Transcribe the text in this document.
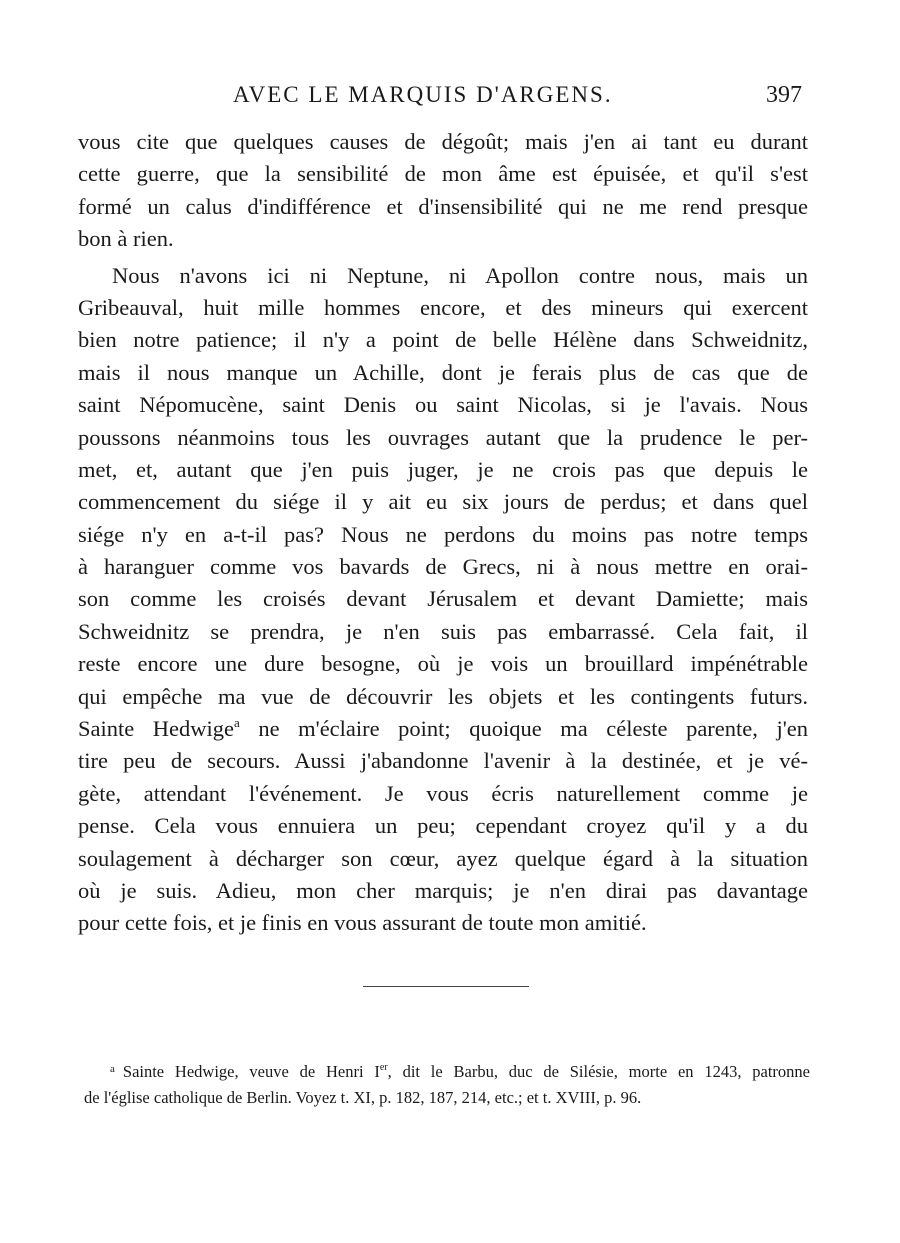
AVEC LE MARQUIS D'ARGENS.	397
vous cite que quelques causes de dégoût; mais j'en ai tant eu durant
cette guerre, que la sensibilité de mon âme est épuisée, et qu'il s'est
formé un calus d'indifférence et d'insensibilité qui ne me rend presque
bon à rien.
Nous n'avons ici ni Neptune, ni Apollon contre nous, mais un
Gribeauval, huit mille hommes encore, et des mineurs qui exercent
bien notre patience; il n'y a point de belle Hélène dans Schweidnitz,
mais il nous manque un Achille, dont je ferais plus de cas que de
saint Népomucène, saint Denis ou saint Nicolas, si je l'avais. Nous
poussons néanmoins tous les ouvrages autant que la prudence le per-
met, et, autant que j'en puis juger, je ne crois pas que depuis le
commencement du siége il y ait eu six jours de perdus; et dans quel
siége n'y en a-t-il pas? Nous ne perdons du moins pas notre temps
à haranguer comme vos bavards de Grecs, ni à nous mettre en orai-
son comme les croisés devant Jérusalem et devant Damiette; mais
Schweidnitz se prendra, je n'en suis pas embarrassé. Cela fait, il
reste encore une dure besogne, où je vois un brouillard impénétrable
qui empêche ma vue de découvrir les objets et les contingents futurs.
Sainte Hedwige$^a$ ne m'éclaire point; quoique ma céleste parente, j'en
tire peu de secours. Aussi j'abandonne l'avenir à la destinée, et je vé-
gète, attendant l'événement. Je vous écris naturellement comme je
pense. Cela vous ennuiera un peu; cependant croyez qu'il y a du
soulagement à décharger son cœur, ayez quelque égard à la situation
où je suis. Adieu, mon cher marquis; je n'en dirai pas davantage
pour cette fois, et je finis en vous assurant de toute mon amitié.
$^a$ Sainte Hedwige, veuve de Henri Ier, dit le Barbu, duc de Silésie, morte en 1243, patronne
de l'église catholique de Berlin. Voyez t. XI, p. 182, 187, 214, etc.; et t. XVIII, p. 96.
